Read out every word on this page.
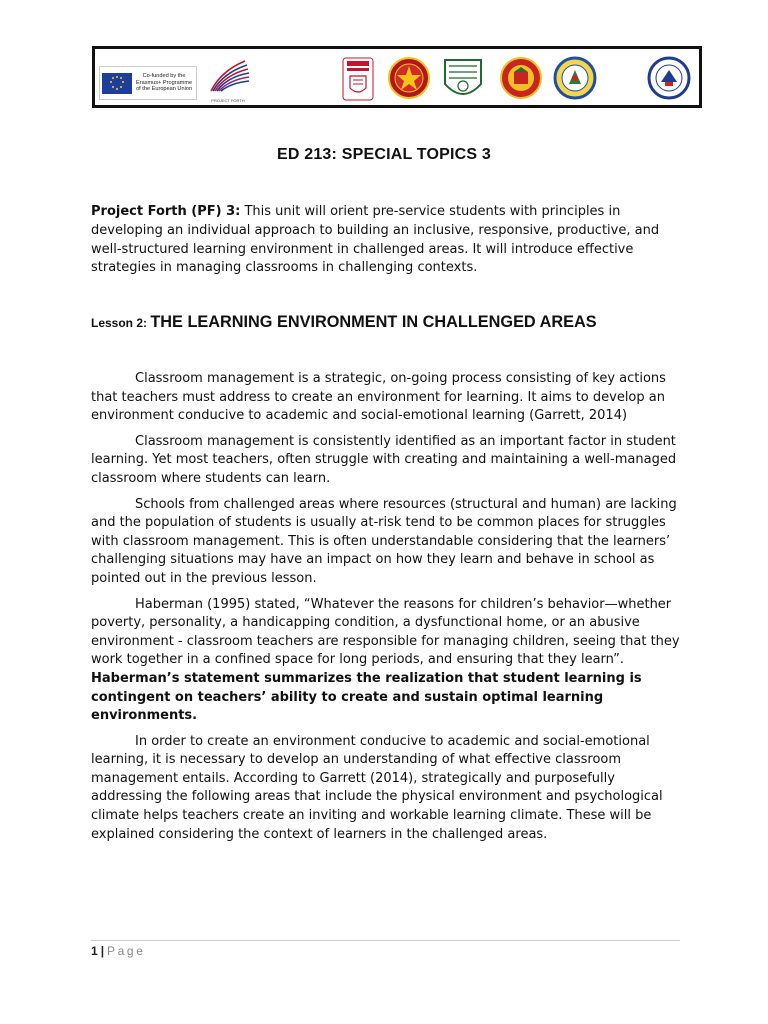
Co-funded by the
Erasmus+ Programme
of the European Union
PROJECT FORTH
ED 213: SPECIAL TOPICS 3

Project Forth (PF) 3: This unit will orient pre-service students with principles in developing an individual approach to building an inclusive, responsive, productive, and well-structured learning environment in challenged areas. It will introduce effective strategies in managing classrooms in challenging contexts.

Lesson 2: THE LEARNING ENVIRONMENT IN CHALLENGED AREAS

Classroom management is a strategic, on-going process consisting of key actions that teachers must address to create an environment for learning. It aims to develop an environment conducive to academic and social-emotional learning (Garrett, 2014)

Classroom management is consistently identified as an important factor in student learning. Yet most teachers, often struggle with creating and maintaining a well-managed classroom where students can learn.

Schools from challenged areas where resources (structural and human) are lacking and the population of students is usually at-risk tend to be common places for struggles with classroom management. This is often understandable considering that the learners’ challenging situations may have an impact on how they learn and behave in school as pointed out in the previous lesson.

Haberman (1995) stated, “Whatever the reasons for children’s behavior—whether poverty, personality, a handicapping condition, a dysfunctional home, or an abusive environment - classroom teachers are responsible for managing children, seeing that they work together in a confined space for long periods, and ensuring that they learn”. Haberman’s statement summarizes the realization that student learning is contingent on teachers’ ability to create and sustain optimal learning environments.

In order to create an environment conducive to academic and social-emotional learning, it is necessary to develop an understanding of what effective classroom management entails. According to Garrett (2014), strategically and purposefully addressing the following areas that include the physical environment and psychological climate helps teachers create an inviting and workable learning climate. These will be explained considering the context of learners in the challenged areas.

1 | Page
